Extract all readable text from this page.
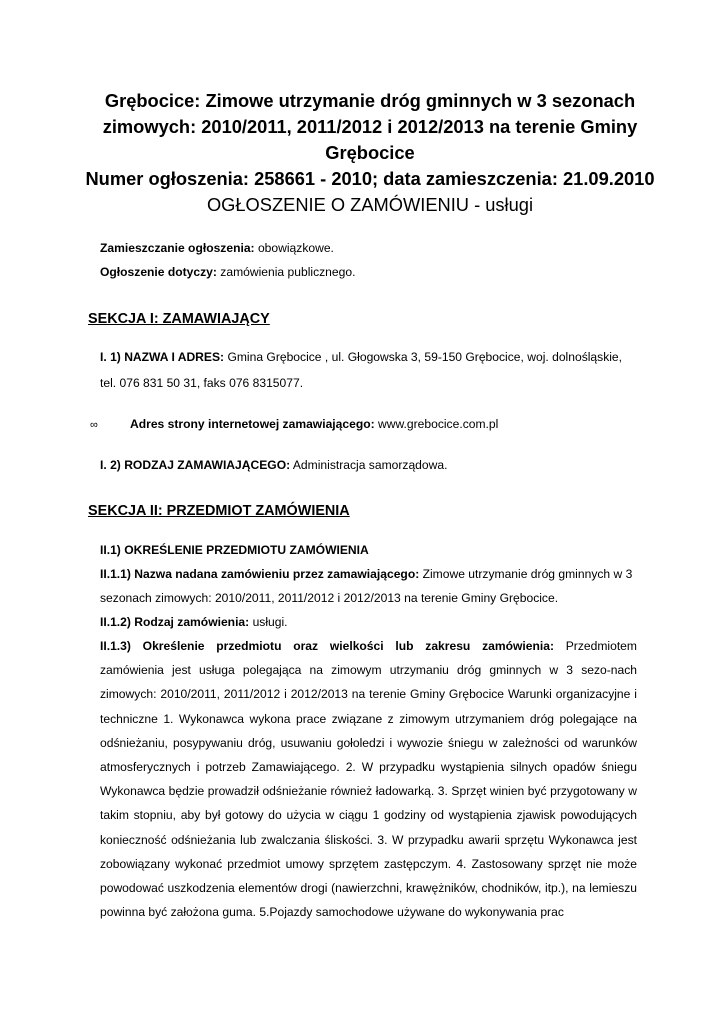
Grębocice: Zimowe utrzymanie dróg gminnych w 3 sezonach

zimowych: 2010/2011, 2011/2012 i 2012/2013 na terenie Gminy

Grębocice

Numer ogłoszenia: 258661 - 2010; data zamieszczenia: 21.09.2010

OGŁOSZENIE O ZAMÓWIENIU - usługi

Zamieszczanie ogłoszenia: obowiązkowe.
Ogłoszenie dotyczy: zamówienia publicznego.
SEKCJA I: ZAMAWIAJĄCY
I. 1) NAZWA I ADRES: Gmina Grębocice , ul. Głogowska 3, 59-150 Grębocice, woj. dolnośląskie,
tel. 076 831 50 31, faks 076 8315077.
∞	Adres strony internetowej zamawiającego: www.grebocice.com.pl
I. 2) RODZAJ ZAMAWIAJĄCEGO: Administracja samorządowa.
SEKCJA II: PRZEDMIOT ZAMÓWIENIA
II.1) OKREŚLENIE PRZEDMIOTU ZAMÓWIENIA
II.1.1) Nazwa nadana zamówieniu przez zamawiającego: Zimowe utrzymanie dróg gminnych w 3
sezonach zimowych: 2010/2011, 2011/2012 i 2012/2013 na terenie Gminy Grębocice.
II.1.2) Rodzaj zamówienia: usługi.
II.1.3) Określenie przedmiotu oraz wielkości lub zakresu zamówienia: Przedmiotem zamówienia jest usługa polegająca na zimowym utrzymaniu dróg gminnych w 3 sezo-nach zimowych: 2010/2011, 2011/2012 i 2012/2013 na terenie Gminy Grębocice Warunki organizacyjne i techniczne 1. Wykonawca wykona prace związane z zimowym utrzymaniem dróg polegające na odśnieżaniu, posypywaniu dróg, usuwaniu gołoledzi i wywozie śniegu w zależności od warunków atmosferycznych i potrzeb Zamawiającego. 2. W przypadku wystąpienia silnych opadów śniegu Wykonawca będzie prowadził odśnieżanie również ładowarką. 3. Sprzęt winien być przygotowany w takim stopniu, aby był gotowy do użycia w ciągu 1 godziny od wystąpienia zjawisk powodujących konieczność odśnieżania lub zwalczania śliskości. 3. W przypadku awarii sprzętu Wykonawca jest zobowiązany wykonać przedmiot umowy sprzętem zastępczym. 4. Zastosowany sprzęt nie może powodować uszkodzenia elementów drogi (nawierzchni, krawężników, chodników, itp.), na lemieszu powinna być założona guma. 5.Pojazdy samochodowe używane do wykonywania prac
